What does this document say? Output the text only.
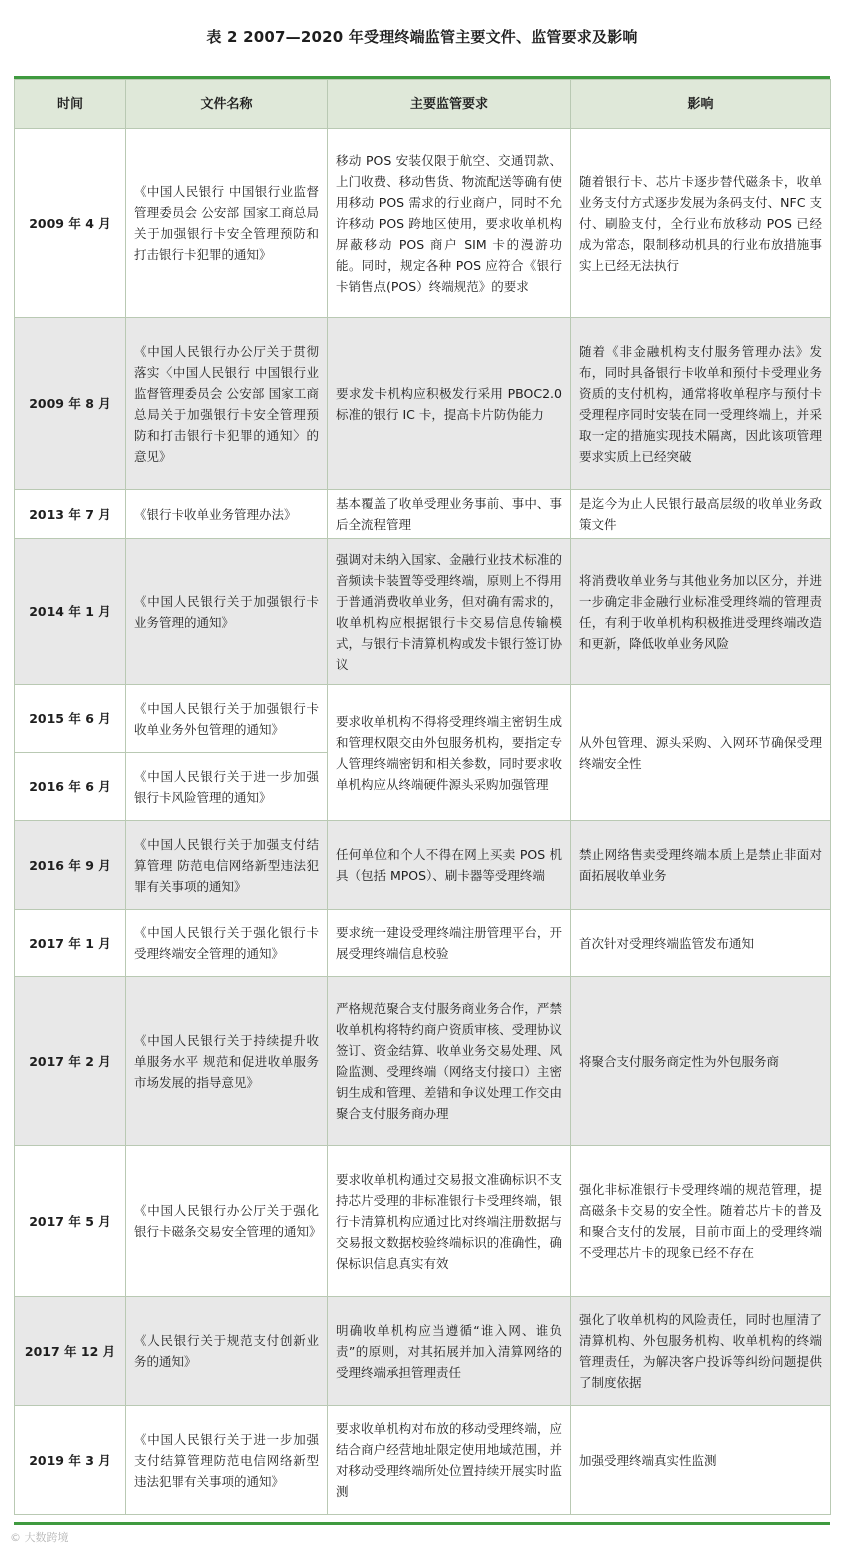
表 2 2007—2020 年受理终端监管主要文件、监管要求及影响
时间	文件名称	主要监管要求	影响
2009 年 4 月	《中国人民银行 中国银行业监督管理委员会 公安部 国家工商总局关于加强银行卡安全管理预防和打击银行卡犯罪的通知》	移动 POS 安装仅限于航空、交通罚款、上门收费、移动售货、物流配送等确有使用移动 POS 需求的行业商户，同时不允许移动 POS 跨地区使用，要求收单机构屏蔽移动 POS 商户 SIM 卡的漫游功能。同时，规定各种 POS 应符合《银行卡销售点(POS）终端规范》的要求	随着银行卡、芯片卡逐步替代磁条卡，收单业务支付方式逐步发展为条码支付、NFC 支付、刷脸支付，全行业布放移动 POS 已经成为常态，限制移动机具的行业布放措施事实上已经无法执行
2009 年 8 月	《中国人民银行办公厅关于贯彻落实〈中国人民银行 中国银行业监督管理委员会 公安部 国家工商总局关于加强银行卡安全管理预防和打击银行卡犯罪的通知〉的意见》	要求发卡机构应积极发行采用 PBOC2.0 标准的银行 IC 卡，提高卡片防伪能力	随着《非金融机构支付服务管理办法》发布，同时具备银行卡收单和预付卡受理业务资质的支付机构，通常将收单程序与预付卡受理程序同时安装在同一受理终端上，并采取一定的措施实现技术隔离，因此该项管理要求实质上已经突破
2013 年 7 月	《银行卡收单业务管理办法》	基本覆盖了收单受理业务事前、事中、事后全流程管理	是迄今为止人民银行最高层级的收单业务政策文件
2014 年 1 月	《中国人民银行关于加强银行卡业务管理的通知》	强调对未纳入国家、金融行业技术标准的音频读卡装置等受理终端，原则上不得用于普通消费收单业务，但对确有需求的，收单机构应根据银行卡交易信息传输模式，与银行卡清算机构或发卡银行签订协议	将消费收单业务与其他业务加以区分，并进一步确定非金融行业标准受理终端的管理责任，有利于收单机构积极推进受理终端改造和更新，降低收单业务风险
2015 年 6 月	《中国人民银行关于加强银行卡收单业务外包管理的通知》	要求收单机构不得将受理终端主密钥生成和管理权限交由外包服务机构，要指定专人管理终端密钥和相关参数，同时要求收单机构应从终端硬件源头采购加强管理	从外包管理、源头采购、入网环节确保受理终端安全性
2016 年 6 月	《中国人民银行关于进一步加强银行卡风险管理的通知》		
2016 年 9 月	《中国人民银行关于加强支付结算管理 防范电信网络新型违法犯罪有关事项的通知》	任何单位和个人不得在网上买卖 POS 机具（包括 MPOS）、刷卡器等受理终端	禁止网络售卖受理终端本质上是禁止非面对面拓展收单业务
2017 年 1 月	《中国人民银行关于强化银行卡受理终端安全管理的通知》	要求统一建设受理终端注册管理平台，开展受理终端信息校验	首次针对受理终端监管发布通知
2017 年 2 月	《中国人民银行关于持续提升收单服务水平 规范和促进收单服务市场发展的指导意见》	严格规范聚合支付服务商业务合作，严禁收单机构将特约商户资质审核、受理协议签订、资金结算、收单业务交易处理、风险监测、受理终端（网络支付接口）主密钥生成和管理、差错和争议处理工作交由聚合支付服务商办理	将聚合支付服务商定性为外包服务商
2017 年 5 月	《中国人民银行办公厅关于强化银行卡磁条交易安全管理的通知》	要求收单机构通过交易报文准确标识不支持芯片受理的非标准银行卡受理终端，银行卡清算机构应通过比对终端注册数据与交易报文数据校验终端标识的准确性，确保标识信息真实有效	强化非标准银行卡受理终端的规范管理，提高磁条卡交易的安全性。随着芯片卡的普及和聚合支付的发展，目前市面上的受理终端不受理芯片卡的现象已经不存在
2017 年 12 月	《人民银行关于规范支付创新业务的通知》	明确收单机构应当遵循“谁入网、谁负责”的原则，对其拓展并加入清算网络的受理终端承担管理责任	强化了收单机构的风险责任，同时也厘清了清算机构、外包服务机构、收单机构的终端管理责任，为解决客户投诉等纠纷问题提供了制度依据
2019 年 3 月	《中国人民银行关于进一步加强支付结算管理防范电信网络新型违法犯罪有关事项的通知》	要求收单机构对布放的移动受理终端，应结合商户经营地址限定使用地域范围，并对移动受理终端所处位置持续开展实时监测	加强受理终端真实性监测
© 大数跨境
